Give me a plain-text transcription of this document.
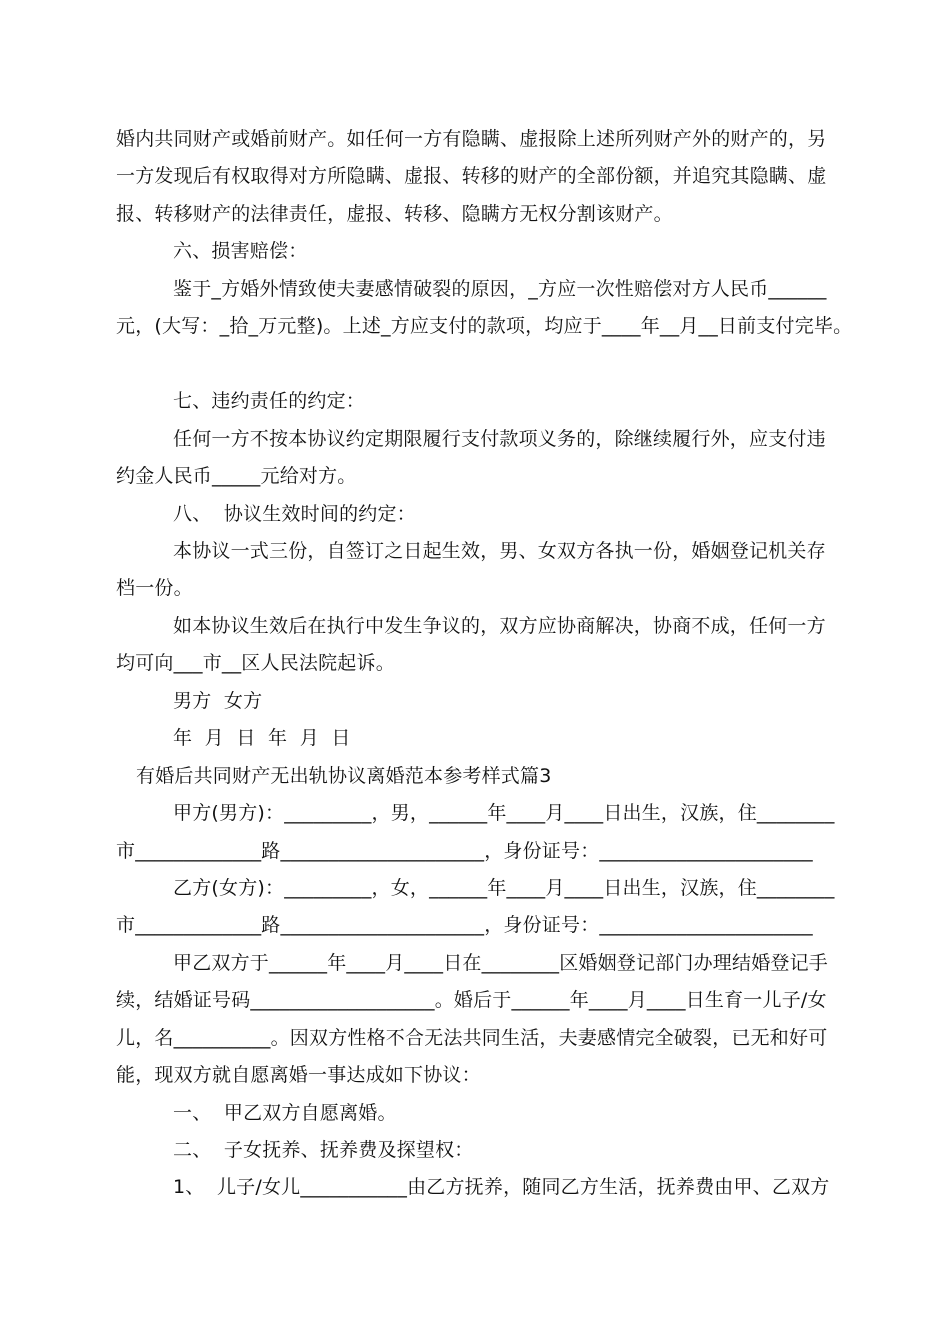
婚内共同财产或婚前财产。如任何一方有隐瞒、虚报除上述所列财产外的财产的，另
一方发现后有权取得对方所隐瞒、虚报、转移的财产的全部份额，并追究其隐瞒、虚
报、转移财产的法律责任，虚报、转移、隐瞒方无权分割该财产。
六、损害赔偿：
鉴于_方婚外情致使夫妻感情破裂的原因，_方应一次性赔偿对方人民币______
元，(大写：_拾_万元整)。上述_方应支付的款项，均应于____年__月__日前支付完毕。
七、违约责任的约定：
任何一方不按本协议约定期限履行支付款项义务的，除继续履行外，应支付违
约金人民币_____元给对方。
八、  协议生效时间的约定：
本协议一式三份，自签订之日起生效，男、女双方各执一份，婚姻登记机关存
档一份。
如本协议生效后在执行中发生争议的，双方应协商解决，协商不成，任何一方
均可向___市__区人民法院起诉。
男方  女方
年  月  日  年  月  日
有婚后共同财产无出轨协议离婚范本参考样式篇3
甲方(男方)：_________，男，______年____月____日出生，汉族，住________
市_____________路_____________________，身份证号：______________________
乙方(女方)：_________，女，______年____月____日出生，汉族，住________
市_____________路_____________________，身份证号：______________________
甲乙双方于______年____月____日在________区婚姻登记部门办理结婚登记手
续，结婚证号码___________________。婚后于______年____月____日生育一儿子/女
儿，名__________。因双方性格不合无法共同生活，夫妻感情完全破裂，已无和好可
能，现双方就自愿离婚一事达成如下协议：
一、  甲乙双方自愿离婚。
二、  子女抚养、抚养费及探望权：
1、  儿子/女儿___________由乙方抚养，随同乙方生活，抚养费由甲、乙双方
